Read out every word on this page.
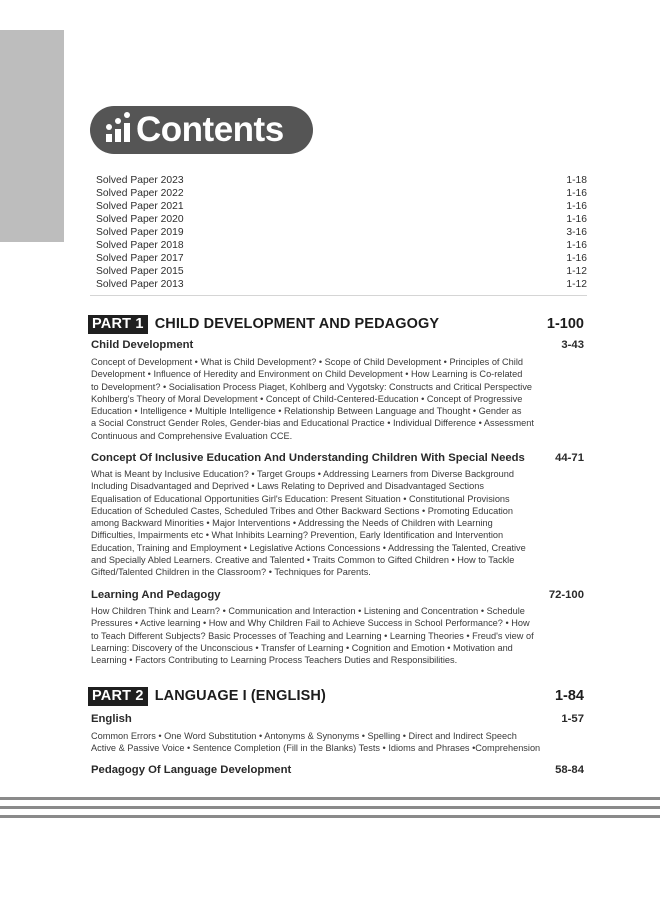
Contents
Solved Paper 2023	1-18
Solved Paper 2022	1-16
Solved Paper 2021	1-16
Solved Paper 2020	1-16
Solved Paper 2019	3-16
Solved Paper 2018	1-16
Solved Paper 2017	1-16
Solved Paper 2015	1-12
Solved Paper 2013	1-12
PART 1 CHILD DEVELOPMENT AND PEDAGOGY	1-100
Child Development	3-43
Concept of Development • What is Child Development? • Scope of Child Development • Principles of Child
Development • Influence of Heredity and Environment on Child Development • How Learning is Co-related
to Development? • Socialisation Process Piaget, Kohlberg and Vygotsky: Constructs and Critical Perspective
Kohlberg's Theory of Moral Development • Concept of Child-Centered-Education • Concept of Progressive
Education • Intelligence • Multiple Intelligence • Relationship Between Language and Thought • Gender as
a Social Construct Gender Roles, Gender-bias and Educational Practice • Individual Difference • Assessment
Continuous and Comprehensive Evaluation CCE.
Concept Of Inclusive Education And Understanding Children With Special Needs	44-71
What is Meant by Inclusive Education? • Target Groups • Addressing Learners from Diverse Background
Including Disadvantaged and Deprived • Laws Relating to Deprived and Disadvantaged Sections
Equalisation of Educational Opportunities Girl's Education: Present Situation • Constitutional Provisions
Education of Scheduled Castes, Scheduled Tribes and Other Backward Sections • Promoting Education
among Backward Minorities • Major Interventions • Addressing the Needs of Children with Learning
Difficulties, Impairments etc • What Inhibits Learning? Prevention, Early Identification and Intervention
Education, Training and Employment • Legislative Actions Concessions • Addressing the Talented, Creative
and Specially Abled Learners. Creative and Talented • Traits Common to Gifted Children • How to Tackle
Gifted/Talented Children in the Classroom? • Techniques for Parents.
Learning And Pedagogy	72-100
How Children Think and Learn? • Communication and Interaction • Listening and Concentration • Schedule
Pressures • Active learning • How and Why Children Fail to Achieve Success in School Performance? • How
to Teach Different Subjects? Basic Processes of Teaching and Learning • Learning Theories • Freud's view of
Learning: Discovery of the Unconscious • Transfer of Learning • Cognition and Emotion • Motivation and
Learning • Factors Contributing to Learning Process Teachers Duties and Responsibilities.
PART 2 LANGUAGE I (ENGLISH)	1-84
English	1-57
Common Errors • One Word Substitution • Antonyms & Synonyms • Spelling • Direct and Indirect Speech
Active & Passive Voice • Sentence Completion (Fill in the Blanks) Tests • Idioms and Phrases •Comprehension
Pedagogy Of Language Development	58-84
